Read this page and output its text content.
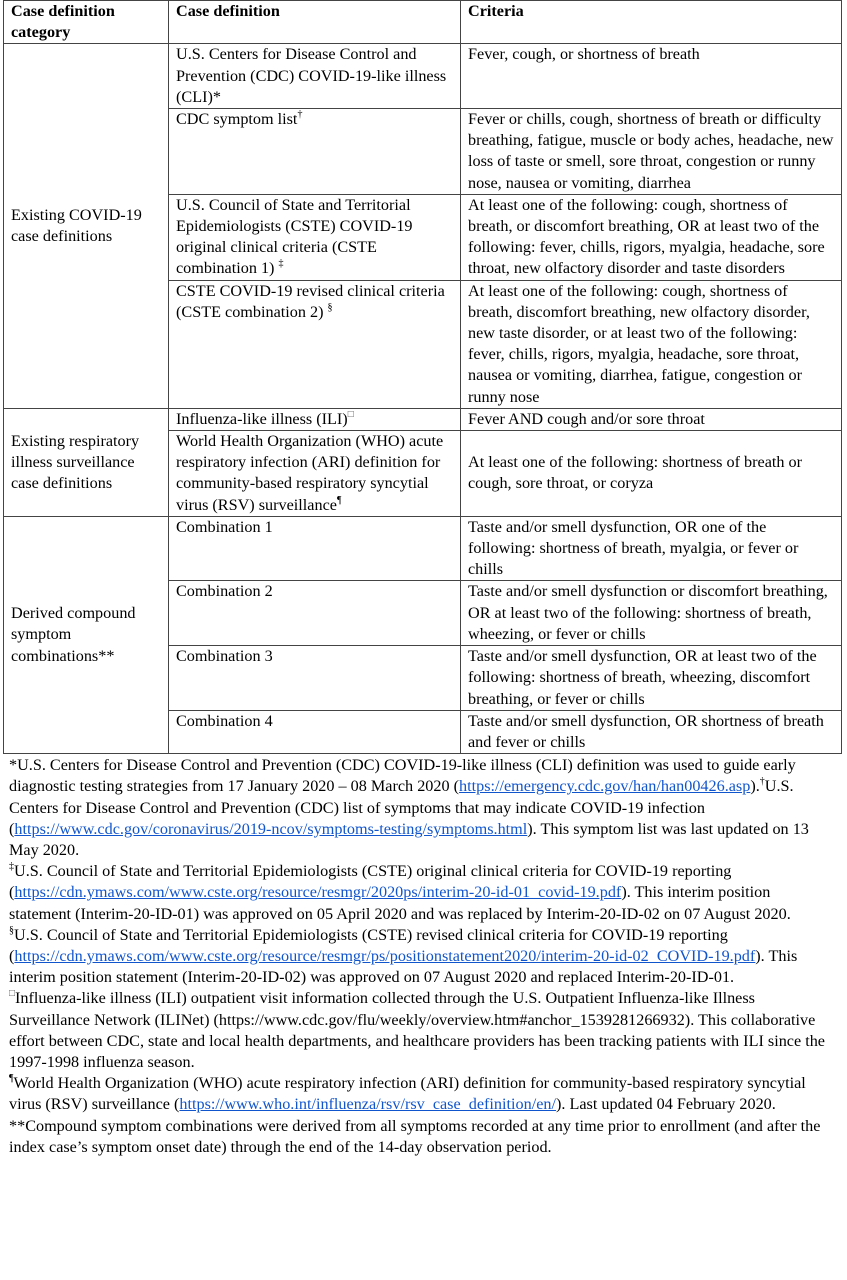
Case definition category	Case definition	Criteria
Existing COVID-19 case definitions	U.S. Centers for Disease Control and Prevention (CDC) COVID-19-like illness (CLI)*	Fever, cough, or shortness of breath
	CDC symptom list†	Fever or chills, cough, shortness of breath or difficulty breathing, fatigue, muscle or body aches, headache, new loss of taste or smell, sore throat, congestion or runny nose, nausea or vomiting, diarrhea
	U.S. Council of State and Territorial Epidemiologists (CSTE) COVID-19 original clinical criteria (CSTE combination 1) ‡	At least one of the following: cough, shortness of breath, or discomfort breathing, OR at least two of the following: fever, chills, rigors, myalgia, headache, sore throat, new olfactory disorder and taste disorders
	CSTE COVID-19 revised clinical criteria (CSTE combination 2) §	At least one of the following: cough, shortness of breath, discomfort breathing, new olfactory disorder, new taste disorder, or at least two of the following: fever, chills, rigors, myalgia, headache, sore throat, nausea or vomiting, diarrhea, fatigue, congestion or runny nose
Existing respiratory illness surveillance case definitions	Influenza-like illness (ILI)□	Fever AND cough and/or sore throat
	World Health Organization (WHO) acute respiratory infection (ARI) definition for community-based respiratory syncytial virus (RSV) surveillance¶	At least one of the following: shortness of breath or cough, sore throat, or coryza
Derived compound symptom combinations**	Combination 1	Taste and/or smell dysfunction, OR one of the following: shortness of breath, myalgia, or fever or chills
	Combination 2	Taste and/or smell dysfunction or discomfort breathing, OR at least two of the following: shortness of breath, wheezing, or fever or chills
	Combination 3	Taste and/or smell dysfunction, OR at least two of the following: shortness of breath, wheezing, discomfort breathing, or fever or chills
	Combination 4	Taste and/or smell dysfunction, OR shortness of breath and fever or chills

*U.S. Centers for Disease Control and Prevention (CDC) COVID-19-like illness (CLI) definition was used to guide early diagnostic testing strategies from 17 January 2020 – 08 March 2020 (https://emergency.cdc.gov/han/han00426.asp).†U.S. Centers for Disease Control and Prevention (CDC) list of symptoms that may indicate COVID-19 infection (https://www.cdc.gov/coronavirus/2019-ncov/symptoms-testing/symptoms.html). This symptom list was last updated on 13 May 2020.

‡U.S. Council of State and Territorial Epidemiologists (CSTE) original clinical criteria for COVID-19 reporting (https://cdn.ymaws.com/www.cste.org/resource/resmgr/2020ps/interim-20-id-01_covid-19.pdf). This interim position statement (Interim-20-ID-01) was approved on 05 April 2020 and was replaced by Interim-20-ID-02 on 07 August 2020.

§U.S. Council of State and Territorial Epidemiologists (CSTE) revised clinical criteria for COVID-19 reporting (https://cdn.ymaws.com/www.cste.org/resource/resmgr/ps/positionstatement2020/interim-20-id-02_COVID-19.pdf). This interim position statement (Interim-20-ID-02) was approved on 07 August 2020 and replaced Interim-20-ID-01.

□Influenza-like illness (ILI) outpatient visit information collected through the U.S. Outpatient Influenza-like Illness Surveillance Network (ILINet) (https://www.cdc.gov/flu/weekly/overview.htm#anchor_1539281266932). This collaborative effort between CDC, state and local health departments, and healthcare providers has been tracking patients with ILI since the 1997-1998 influenza season.

¶World Health Organization (WHO) acute respiratory infection (ARI) definition for community-based respiratory syncytial virus (RSV) surveillance (https://www.who.int/influenza/rsv/rsv_case_definition/en/). Last updated 04 February 2020.

**Compound symptom combinations were derived from all symptoms recorded at any time prior to enrollment (and after the index case’s symptom onset date) through the end of the 14-day observation period.
